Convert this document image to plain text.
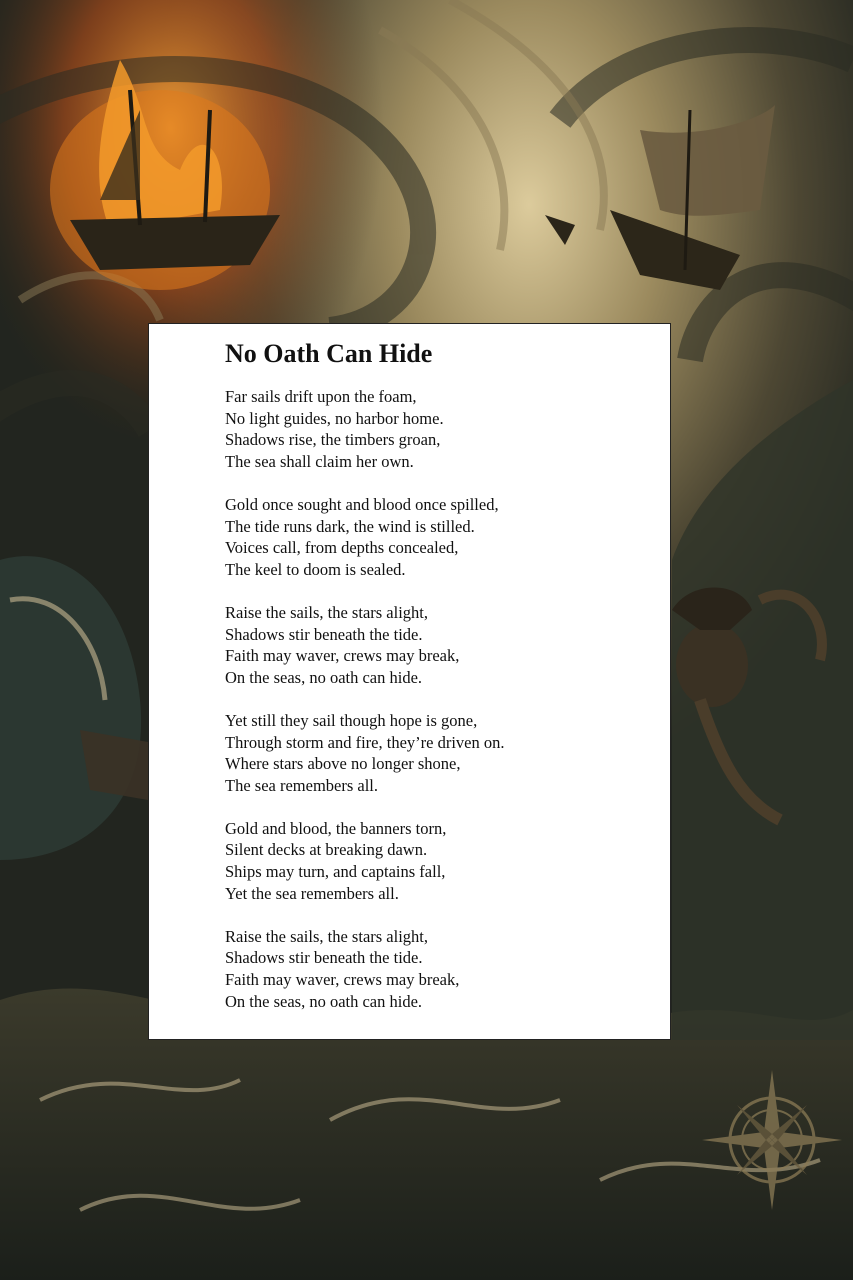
No Oath Can Hide

Far sails drift upon the foam,
No light guides, no harbor home.
Shadows rise, the timbers groan,
The sea shall claim her own.

Gold once sought and blood once spilled,
The tide runs dark, the wind is stilled.
Voices call, from depths concealed,
The keel to doom is sealed.

Raise the sails, the stars alight,
Shadows stir beneath the tide.
Faith may waver, crews may break,
On the seas, no oath can hide.

Yet still they sail though hope is gone,
Through storm and fire, they’re driven on.
Where stars above no longer shone,
The sea remembers all.

Gold and blood, the banners torn,
Silent decks at breaking dawn.
Ships may turn, and captains fall,
Yet the sea remembers all.

Raise the sails, the stars alight,
Shadows stir beneath the tide.
Faith may waver, crews may break,
On the seas, no oath can hide.
